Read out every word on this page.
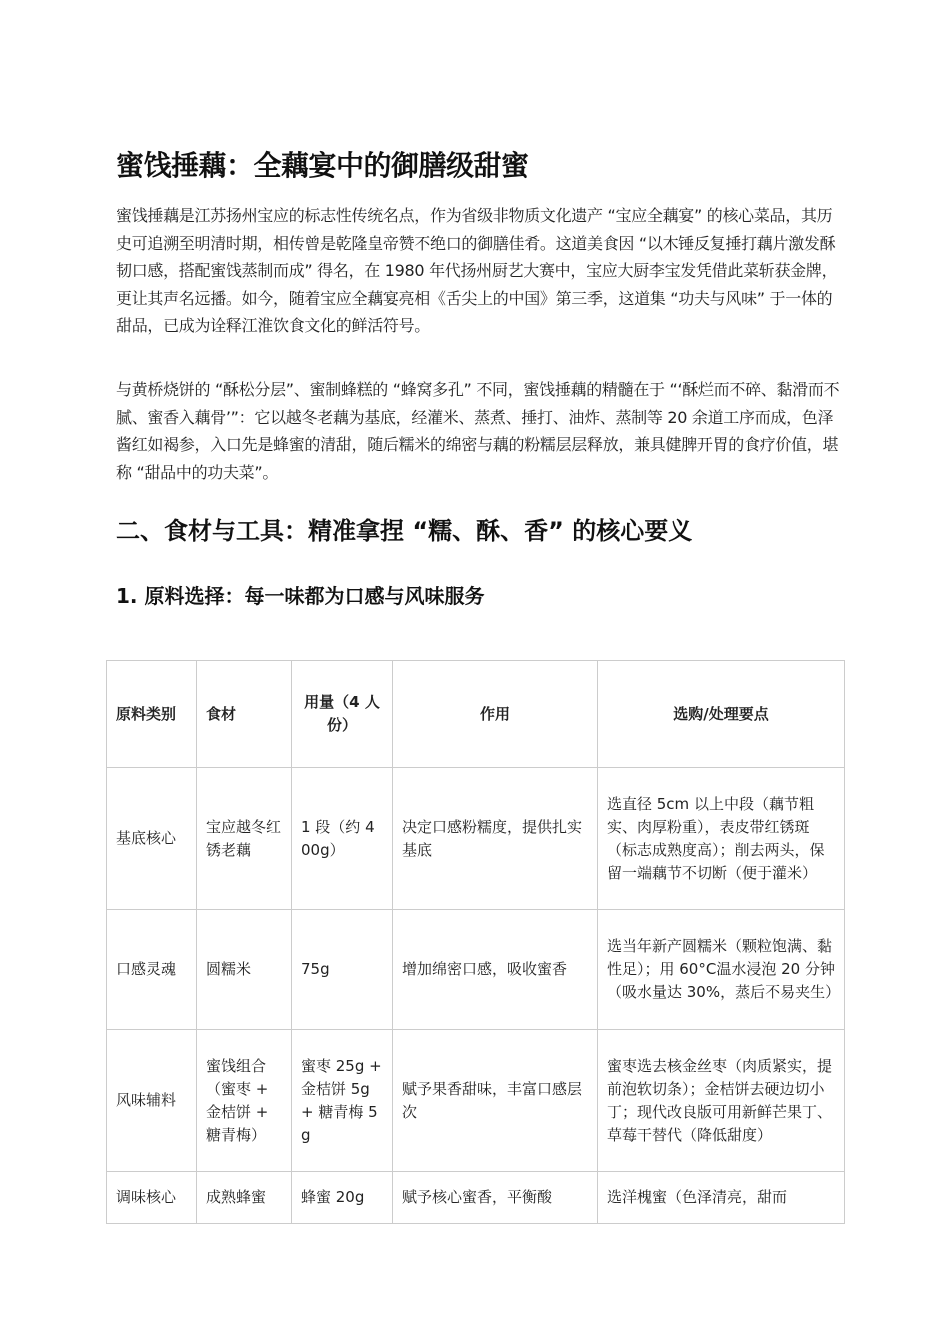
蜜饯捶藕：全藕宴中的御膳级甜蜜

蜜饯捶藕是江苏扬州宝应的标志性传统名点，作为省级非物质文化遗产 “宝应全藕宴” 的核心菜品，其历史可追溯至明清时期，相传曾是乾隆皇帝赞不绝口的御膳佳肴。这道美食因 “以木锤反复捶打藕片激发酥韧口感，搭配蜜饯蒸制而成” 得名，在 1980 年代扬州厨艺大赛中，宝应大厨李宝发凭借此菜斩获金牌，更让其声名远播。如今，随着宝应全藕宴亮相《舌尖上的中国》第三季，这道集 “功夫与风味” 于一体的甜品，已成为诠释江淮饮食文化的鲜活符号。

与黄桥烧饼的 “酥松分层”、蜜制蜂糕的 “蜂窝多孔” 不同，蜜饯捶藕的精髓在于 “‘酥烂而不碎、黏滑而不腻、蜜香入藕骨’”：它以越冬老藕为基底，经灌米、蒸煮、捶打、油炸、蒸制等 20 余道工序而成，色泽酱红如褐参，入口先是蜂蜜的清甜，随后糯米的绵密与藕的粉糯层层释放，兼具健脾开胃的食疗价值，堪称 “甜品中的功夫菜”。

二、食材与工具：精准拿捏 “糯、酥、香” 的核心要义
1. 原料选择：每一味都为口感与风味服务
原料类别	食材	用量（4 人份）	作用	选购/处理要点
基底核心	宝应越冬红锈老藕	1 段（约 400g）	决定口感粉糯度，提供扎实基底	选直径 5cm 以上中段（藕节粗实、肉厚粉重），表皮带红锈斑（标志成熟度高）；削去两头，保留一端藕节不切断（便于灌米）
口感灵魂	圆糯米	75g	增加绵密口感，吸收蜜香	选当年新产圆糯米（颗粒饱满、黏性足）；用 60°C温水浸泡 20 分钟（吸水量达 30%，蒸后不易夹生）
风味辅料	蜜饯组合（蜜枣 + 金桔饼 + 糖青梅）	蜜枣 25g + 金桔饼 5g + 糖青梅 5g	赋予果香甜味，丰富口感层次	蜜枣选去核金丝枣（肉质紧实，提前泡软切条）；金桔饼去硬边切小丁；现代改良版可用新鲜芒果丁、草莓干替代（降低甜度）
调味核心	成熟蜂蜜	蜂蜜 20g	赋予核心蜜香，平衡酸	选洋槐蜜（色泽清亮，甜而
